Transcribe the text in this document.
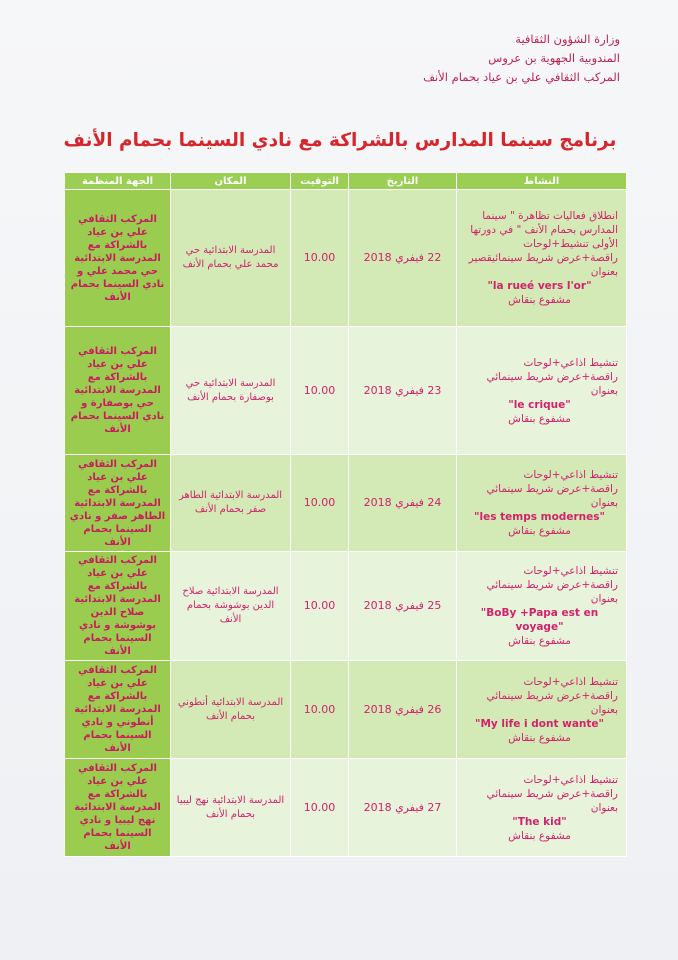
وزارة الشؤون الثقافية
المندوبية الجهوية بن عروس
المركب الثقافي علي بن عياد بحمام الأنف
برنامج سينما المدارس بالشراكة مع نادي السينما بحمام الأنف
النشاط	التاريخ	التوقيت	المكان	الجهة المنظمة

انطلاق فعاليات تظاهرة " سينما المدارس بحمام الأنف " في دورتها الأولى تنشيط+لوحات راقصة+عرض شريط سينمائيقصير بعنوان
"la rueé vers l'or"
مشفوع بنقاش	22 فيفري 2018	10.00	المدرسة الابتدائية حي محمد علي بحمام الأنف	المركب الثقافي علي بن عياد بالشراكة مع المدرسة الابتدائية حي محمد علي و نادي السينما بحمام الأنف

تنشيط اذاعي+لوحات راقصة+عرض شريط سينمائي بعنوان
"le crique"
مشفوع بنقاش	23 فيفري 2018	10.00	المدرسة الابتدائية حي بوصفارة بحمام الأنف	المركب الثقافي علي بن عياد بالشراكة مع المدرسة الابتدائية حي بوصفارة و نادي السينما بحمام الأنف

تنشيط اذاعي+لوحات راقصة+عرض شريط سينمائي بعنوان
"les temps modernes"
مشفوع بنقاش	24 فيفري 2018	10.00	المدرسة الابتدائية الطاهر صفر بحمام الأنف	المركب الثقافي علي بن عياد بالشراكة مع المدرسة الابتدائية الطاهر صفر و نادي السينما بحمام الأنف

تنشيط اذاعي+لوحات راقصة+عرض شريط سينمائي بعنوان
"BoBy +Papa est en voyage"
مشفوع بنقاش	25 فيفري 2018	10.00	المدرسة الابتدائية صلاح الدين بوشوشة بحمام الأنف	المركب الثقافي علي بن عياد بالشراكة مع المدرسة الابتدائية صلاح الدين بوشوشة و نادي السينما بحمام الأنف

تنشيط اذاعي+لوحات راقصة+عرض شريط سينمائي بعنوان
"My life i dont wante"
مشفوع بنقاش	26 فيفري 2018	10.00	المدرسة الابتدائية أنطوني بحمام الأنف	المركب الثقافي علي بن عياد بالشراكة مع المدرسة الابتدائية أنطوني و نادي السينما بحمام الأنف

تنشيط اذاعي+لوحات راقصة+عرض شريط سينمائي بعنوان
"The kid"
مشفوع بنقاش	27 فيفري 2018	10.00	المدرسة الابتدائية نهج ليبيا بحمام الأنف	المركب الثقافي علي بن عياد بالشراكة مع المدرسة الابتدائية نهج ليبيا و نادي السينما بحمام الأنف
